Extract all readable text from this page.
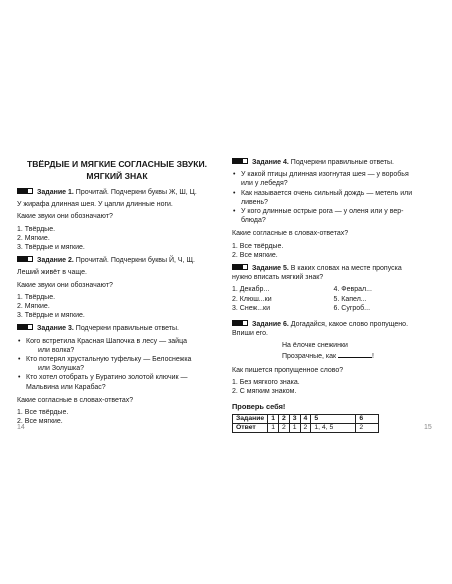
ТВЁРДЫЕ И МЯГКИЕ СОГЛАСНЫЕ ЗВУКИ.
МЯГКИЙ ЗНАК
Задание 1. Прочитай. Подчеркни буквы Ж, Ш, Ц.
У жирафа длинная шея. У цапли длинные ноги.
Какие звуки они обозначают?
1. Твёрдые.
2. Мягкие.
3. Твёрдые и мягкие.
Задание 2. Прочитай. Подчеркни буквы Й, Ч, Щ.
Леший живёт в чаще.
Какие звуки они обозначают?
1. Твёрдые.
2. Мягкие.
3. Твёрдые и мягкие.
Задание 3. Подчеркни правильные ответы.
• Кого встретила Красная Шапочка в лесу — зайца
или волка?
• Кто потерял хрустальную туфельку — Белоснежка
или Золушка?
• Кто хотел отобрать у Буратино золотой ключик —
Мальвина или Карабас?
Какие согласные в словах-ответах?
1. Все твёрдые.
2. Все мягкие.
14
Задание 4. Подчеркни правильные ответы.
• У какой птицы длинная изогнутая шея — у воробья
или у лебедя?
• Как называется очень сильный дождь — метель или
ливень?
• У кого длинные острые рога — у оленя или у вер-
блюда?
Какие согласные в словах-ответах?
1. Все твёрдые.
2. Все мягкие.
Задание 5. В каких словах на месте пропуска
нужно вписать мягкий знак?
1. Декабр...
2. Клюш...ки
3. Снеж...ки
4. Феврал...
5. Капел...
6. Сугроб...
Задание 6. Догадайся, какое слово пропущено.
Впиши его.
На ёлочке снежинки
Прозрачные, как	!
Как пишется пропущенное слово?
1. Без мягкого знака.
2. С мягким знаком.
Проверь себя!
Задание	1	2	3	4	5	6
Ответ	1	2	1	2	1, 4, 5	2	15
